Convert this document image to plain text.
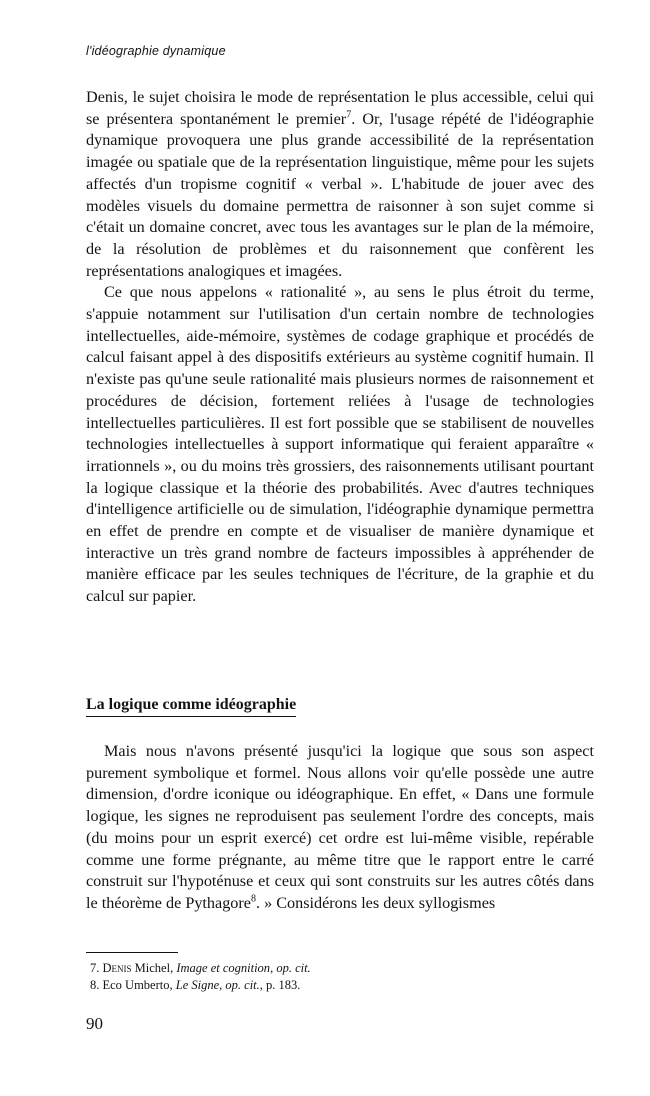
l'idéographie dynamique

Denis, le sujet choisira le mode de représentation le plus accessible, celui qui se présentera spontanément le premier$^7$. Or, l'usage répété de l'idéographie dynamique provoquera une plus grande accessibilité de la représentation imagée ou spatiale que de la représentation linguistique, même pour les sujets affectés d'un tropisme cognitif « verbal ». L'habitude de jouer avec des modèles visuels du domaine permettra de raisonner à son sujet comme si c'était un domaine concret, avec tous les avantages sur le plan de la mémoire, de la résolution de problèmes et du raisonnement que confèrent les représentations analogiques et imagées.

Ce que nous appelons « rationalité », au sens le plus étroit du terme, s'appuie notamment sur l'utilisation d'un certain nombre de technologies intellectuelles, aide-mémoire, systèmes de codage graphique et procédés de calcul faisant appel à des dispositifs extérieurs au système cognitif humain. Il n'existe pas qu'une seule rationalité mais plusieurs normes de raisonnement et procédures de décision, fortement reliées à l'usage de technologies intellectuelles particulières. Il est fort possible que se stabilisent de nouvelles technologies intellectuelles à support informatique qui feraient apparaître « irrationnels », ou du moins très grossiers, des raisonnements utilisant pourtant la logique classique et la théorie des probabilités. Avec d'autres techniques d'intelligence artificielle ou de simulation, l'idéographie dynamique permettra en effet de prendre en compte et de visualiser de manière dynamique et interactive un très grand nombre de facteurs impossibles à appréhender de manière efficace par les seules techniques de l'écriture, de la graphie et du calcul sur papier.

La logique comme idéographie

Mais nous n'avons présenté jusqu'ici la logique que sous son aspect purement symbolique et formel. Nous allons voir qu'elle possède une autre dimension, d'ordre iconique ou idéographique. En effet, « Dans une formule logique, les signes ne reproduisent pas seulement l'ordre des concepts, mais (du moins pour un esprit exercé) cet ordre est lui-même visible, repérable comme une forme prégnante, au même titre que le rapport entre le carré construit sur l'hypoténuse et ceux qui sont construits sur les autres côtés dans le théorème de Pythagore$^8$. » Considérons les deux syllogismes

7. Denis Michel, Image et cognition, op. cit.
8. Eco Umberto, Le Signe, op. cit., p. 183.
90
